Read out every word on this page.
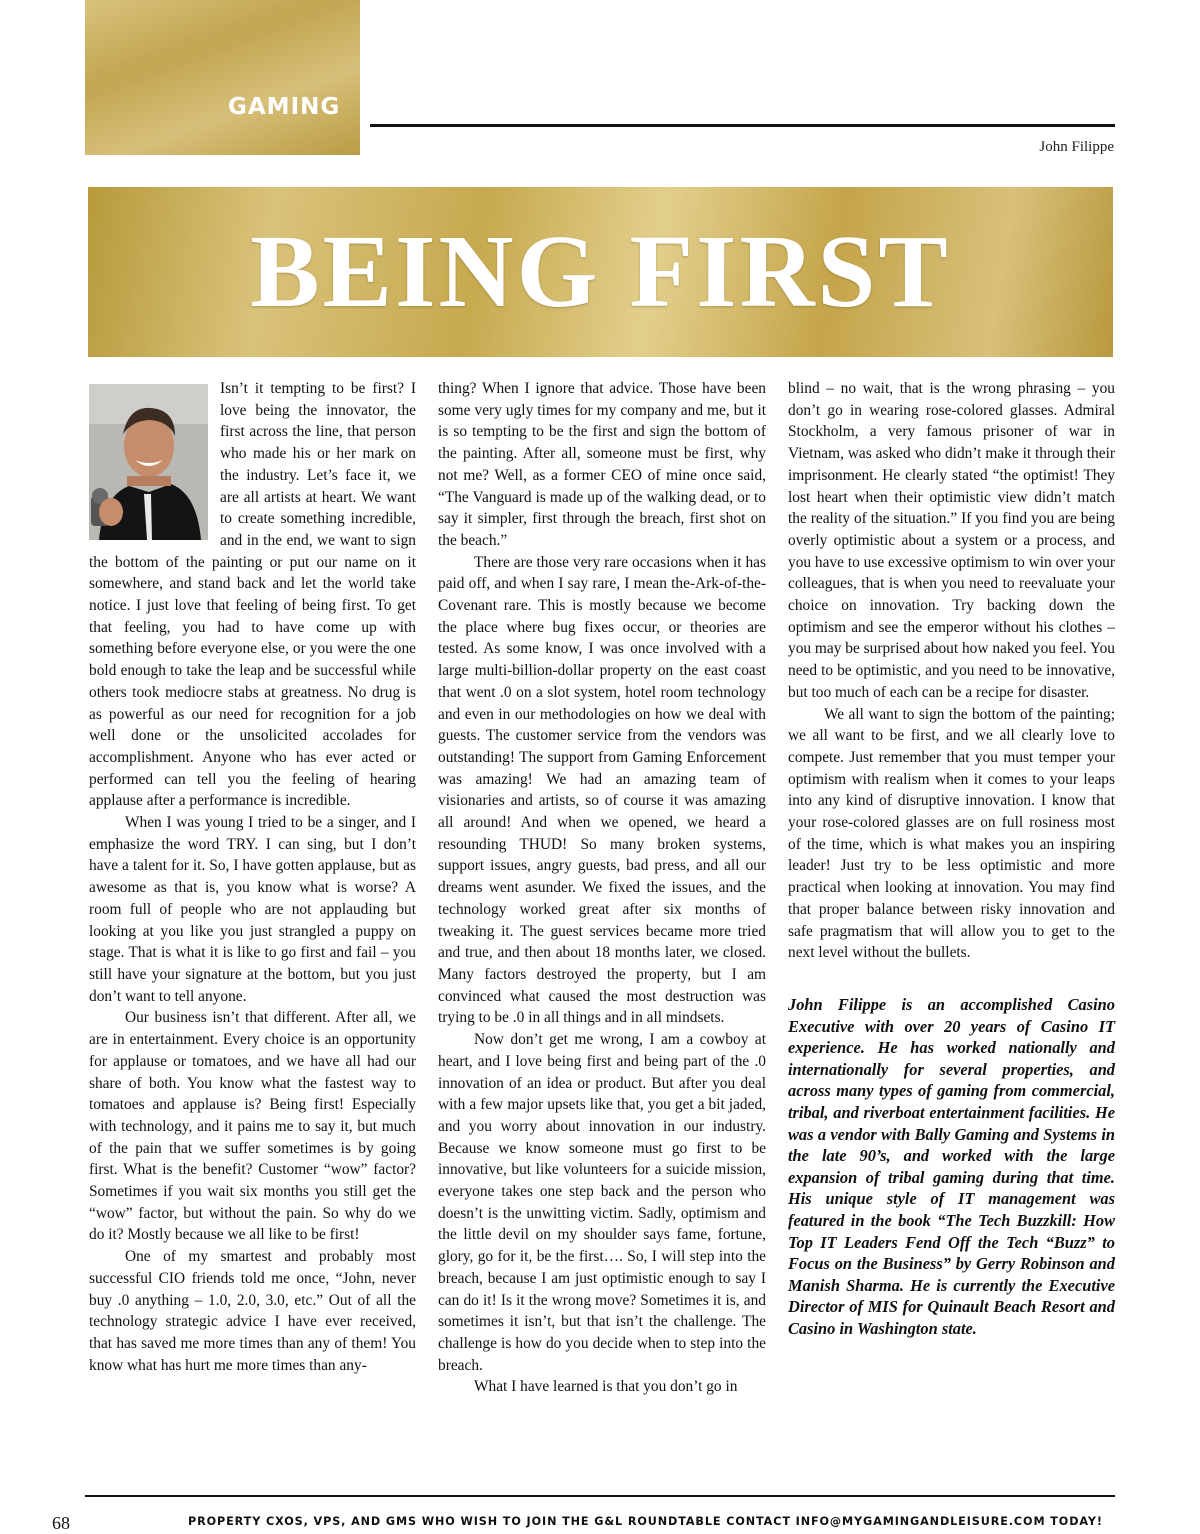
GAMING
John Filippe
BEING FIRST

Isn’t it tempting to be first? I love being the innovator, the first across the line, that person who made his or her mark on the industry. Let’s face it, we are all artists at heart. We want to create something incredible, and in the end, we want to sign the bottom of the painting or put our name on it somewhere, and stand back and let the world take notice. I just love that feeling of being first. To get that feeling, you had to have come up with something before everyone else, or you were the one bold enough to take the leap and be successful while others took mediocre stabs at greatness. No drug is as powerful as our need for recognition for a job well done or the unsolicited accolades for accomplishment. Anyone who has ever acted or performed can tell you the feeling of hearing applause after a performance is incredible.

When I was young I tried to be a singer, and I emphasize the word TRY. I can sing, but I don’t have a talent for it. So, I have gotten applause, but as awesome as that is, you know what is worse? A room full of people who are not applauding but looking at you like you just strangled a puppy on stage. That is what it is like to go first and fail – you still have your signature at the bottom, but you just don’t want to tell anyone.

Our business isn’t that different. After all, we are in entertainment. Every choice is an opportunity for applause or tomatoes, and we have all had our share of both. You know what the fastest way to tomatoes and applause is? Being first! Especially with technology, and it pains me to say it, but much of the pain that we suffer sometimes is by going first. What is the benefit? Customer “wow” factor? Sometimes if you wait six months you still get the “wow” factor, but without the pain. So why do we do it? Mostly because we all like to be first!

One of my smartest and probably most successful CIO friends told me once, “John, never buy .0 anything – 1.0, 2.0, 3.0, etc.” Out of all the technology strategic advice I have ever received, that has saved me more times than any of them! You know what has hurt me more times than any-

thing? When I ignore that advice. Those have been some very ugly times for my company and me, but it is so tempting to be the first and sign the bottom of the painting. After all, someone must be first, why not me? Well, as a former CEO of mine once said, “The Vanguard is made up of the walking dead, or to say it simpler, first through the breach, first shot on the beach.”

There are those very rare occasions when it has paid off, and when I say rare, I mean the-Ark-of-the-Covenant rare. This is mostly because we become the place where bug fixes occur, or theories are tested. As some know, I was once involved with a large multi-billion-dollar property on the east coast that went .0 on a slot system, hotel room technology and even in our methodologies on how we deal with guests. The customer service from the vendors was outstanding! The support from Gaming Enforcement was amazing! We had an amazing team of visionaries and artists, so of course it was amazing all around! And when we opened, we heard a resounding THUD! So many broken systems, support issues, angry guests, bad press, and all our dreams went asunder. We fixed the issues, and the technology worked great after six months of tweaking it. The guest services became more tried and true, and then about 18 months later, we closed. Many factors destroyed the property, but I am convinced what caused the most destruction was trying to be .0 in all things and in all mindsets.

Now don’t get me wrong, I am a cowboy at heart, and I love being first and being part of the .0 innovation of an idea or product. But after you deal with a few major upsets like that, you get a bit jaded, and you worry about innovation in our industry. Because we know someone must go first to be innovative, but like volunteers for a suicide mission, everyone takes one step back and the person who doesn’t is the unwitting victim. Sadly, optimism and the little devil on my shoulder says fame, fortune, glory, go for it, be the first…. So, I will step into the breach, because I am just optimistic enough to say I can do it! Is it the wrong move? Sometimes it is, and sometimes it isn’t, but that isn’t the challenge. The challenge is how do you decide when to step into the breach.

What I have learned is that you don’t go in

blind – no wait, that is the wrong phrasing – you don’t go in wearing rose-colored glasses. Admiral Stockholm, a very famous prisoner of war in Vietnam, was asked who didn’t make it through their imprisonment. He clearly stated “the optimist! They lost heart when their optimistic view didn’t match the reality of the situation.” If you find you are being overly optimistic about a system or a process, and you have to use excessive optimism to win over your colleagues, that is when you need to reevaluate your choice on innovation. Try backing down the optimism and see the emperor without his clothes – you may be surprised about how naked you feel. You need to be optimistic, and you need to be innovative, but too much of each can be a recipe for disaster.

We all want to sign the bottom of the painting; we all want to be first, and we all clearly love to compete. Just remember that you must temper your optimism with realism when it comes to your leaps into any kind of disruptive innovation. I know that your rose-colored glasses are on full rosiness most of the time, which is what makes you an inspiring leader! Just try to be less optimistic and more practical when looking at innovation. You may find that proper balance between risky innovation and safe pragmatism that will allow you to get to the next level without the bullets.

John Filippe is an accomplished Casino Executive with over 20 years of Casino IT experience. He has worked nationally and internationally for several properties, and across many types of gaming from commercial, tribal, and riverboat entertainment facilities. He was a vendor with Bally Gaming and Systems in the late 90’s, and worked with the large expansion of tribal gaming during that time. His unique style of IT management was featured in the book “The Tech Buzzkill: How Top IT Leaders Fend Off the Tech “Buzz” to Focus on the Business” by Gerry Robinson and Manish Sharma. He is currently the Executive Director of MIS for Quinault Beach Resort and Casino in Washington state.

68	PROPERTY CXOS, VPS, AND GMS WHO WISH TO JOIN THE G&L ROUNDTABLE CONTACT INFO@MYGAMINGANDLEISURE.COM TODAY!
